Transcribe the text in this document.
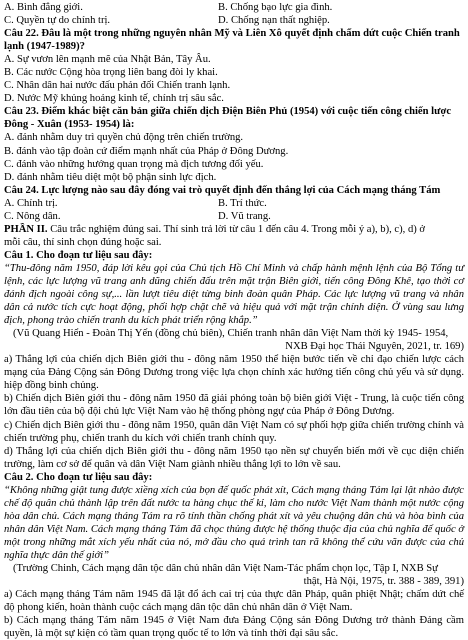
A. Bình đẳng giới.	B. Chống bạo lực gia đình.
C. Quyền tự do chính trị.	D. Chống nạn thất nghiệp.
Câu 22. Đâu là một trong những nguyên nhân Mỹ và Liên Xô quyết định chấm dứt cuộc Chiến tranh
lạnh (1947-1989)?
A. Sự vươn lên mạnh mẽ của Nhật Bản, Tây Âu.
B. Các nước Cộng hòa trọng liên bang đòi ly khai.
C. Nhân dân hai nước đấu phản đối Chiến tranh lạnh.
D. Nước Mỹ khủng hoảng kinh tế, chính trị sâu sắc.
Câu 23. Điểm khác biệt căn bản giữa chiến dịch Điện Biên Phủ (1954) với cuộc tiến công chiến lược
Đông - Xuân (1953- 1954) là:
A. đánh nhằm duy trì quyền chủ động trên chiến trường.
B. đánh vào tập đoàn cứ điểm mạnh nhất của Pháp ở Đông Dương.
C. đánh vào những hướng quan trọng mà địch tương đối yếu.
D. đánh nhằm tiêu diệt một bộ phận sinh lực địch.
Câu 24. Lực lượng nào sau đây đóng vai trò quyết định đến thắng lợi của Cách mạng tháng Tám
A. Chính trị.	B. Trí thức.
C. Nông dân.	D. Vũ trang.
PHẦN II. Câu trắc nghiệm đúng sai. Thí sinh trả lời từ câu 1 đến câu 4. Trong mỗi ý a), b), c), d) ở
mỗi câu, thí sinh chọn đúng hoặc sai.
Câu 1. Cho đoạn tư liệu sau đây:
“Thu-đông năm 1950, đáp lời kêu gọi của Chủ tịch Hồ Chí Minh và chấp hành mệnh lệnh của Bộ Tổng tư lệnh, các lực lượng vũ trang anh dũng chiến đấu trên mặt trận Biên giới, tiến công Đông Khê, tạo thời cơ đánh địch ngoài công sự,... lần lượt tiêu diệt từng binh đoàn quân Pháp. Các lực lượng vũ trang và nhân dân cả nước tích cực hoạt động, phối hợp chặt chẽ và hiệu quả với mặt trận chính diện. Ở vùng sau lưng địch, phong trào chiến tranh du kích phát triển rộng khắp.”
(Vũ Quang Hiển - Đoàn Thị Yến (đồng chủ biên), Chiến tranh nhân dân Việt Nam thời kỳ 1945- 1954,
NXB Đại học Thái Nguyên, 2021, tr. 169)
a) Thắng lợi của chiến dịch Biên giới thu - đông năm 1950 thể hiện bước tiến về chỉ đạo chiến lược cách mạng của Đảng Cộng sản Đông Dương trong việc lựa chọn chính xác hướng tiến công chủ yếu và sử dụng. hiệp đồng binh chủng.
b) Chiến dịch Biên giới thu - đông năm 1950 đã giải phóng toàn bộ biên giới Việt - Trung, là cuộc tiến công lớn đầu tiên của bộ đội chủ lực Việt Nam vào hệ thống phòng ngự của Pháp ở Đông Dương.
c) Chiến dịch Biên giới thu - đông năm 1950, quân dân Việt Nam có sự phối hợp giữa chiến trường chính và chiến trường phụ, chiến tranh du kích với chiến tranh chính quy.
d) Thắng lợi của chiến dịch Biên giới thu - đông năm 1950 tạo nền sự chuyển biến mới về cục diện chiến trường, làm cơ sở để quân và dân Việt Nam giành nhiều thắng lợi to lớn về sau.
Câu 2. Cho đoạn tư liệu sau đây:
“Không những giật tung được xiềng xích của bọn đế quốc phát xít, Cách mạng tháng Tám lại lật nhào được chế độ quân chủ thành lập trên đất nước ta hàng chục thế kỉ, làm cho nước Việt Nam thành một nước cộng hòa dân chủ. Cách mạng tháng Tám ra rõ tính thần chống phát xít và yêu chuộng dân chủ và hòa bình của nhân dân Việt Nam. Cách mạng tháng Tám đã chọc thủng được hệ thống thuộc địa của chủ nghĩa đế quốc ở một trong những mắt xích yếu nhất của nó, mở đầu cho quá trình tan rã không thể cứu vãn được của chủ nghĩa thực dân thế giới”
(Trường Chinh, Cách mạng dân tộc dân chủ nhân dân Việt Nam-Tác phẩm chọn lọc, Tập I, NXB Sự
thật, Hà Nội, 1975, tr. 388 - 389, 391)
a) Cách mạng tháng Tám năm 1945 đã lật đổ ách cai trị của thực dân Pháp, quân phiệt Nhật; chấm dứt chế độ phong kiến, hoàn thành cuộc cách mạng dân tộc dân chủ nhân dân ở Việt Nam.
b) Cách mạng tháng Tám năm 1945 ở Việt Nam đưa Đảng Cộng sản Đông Dương trở thành Đảng cầm quyền, là một sự kiện có tầm quan trọng quốc tế to lớn và tính thời đại sâu sắc.
